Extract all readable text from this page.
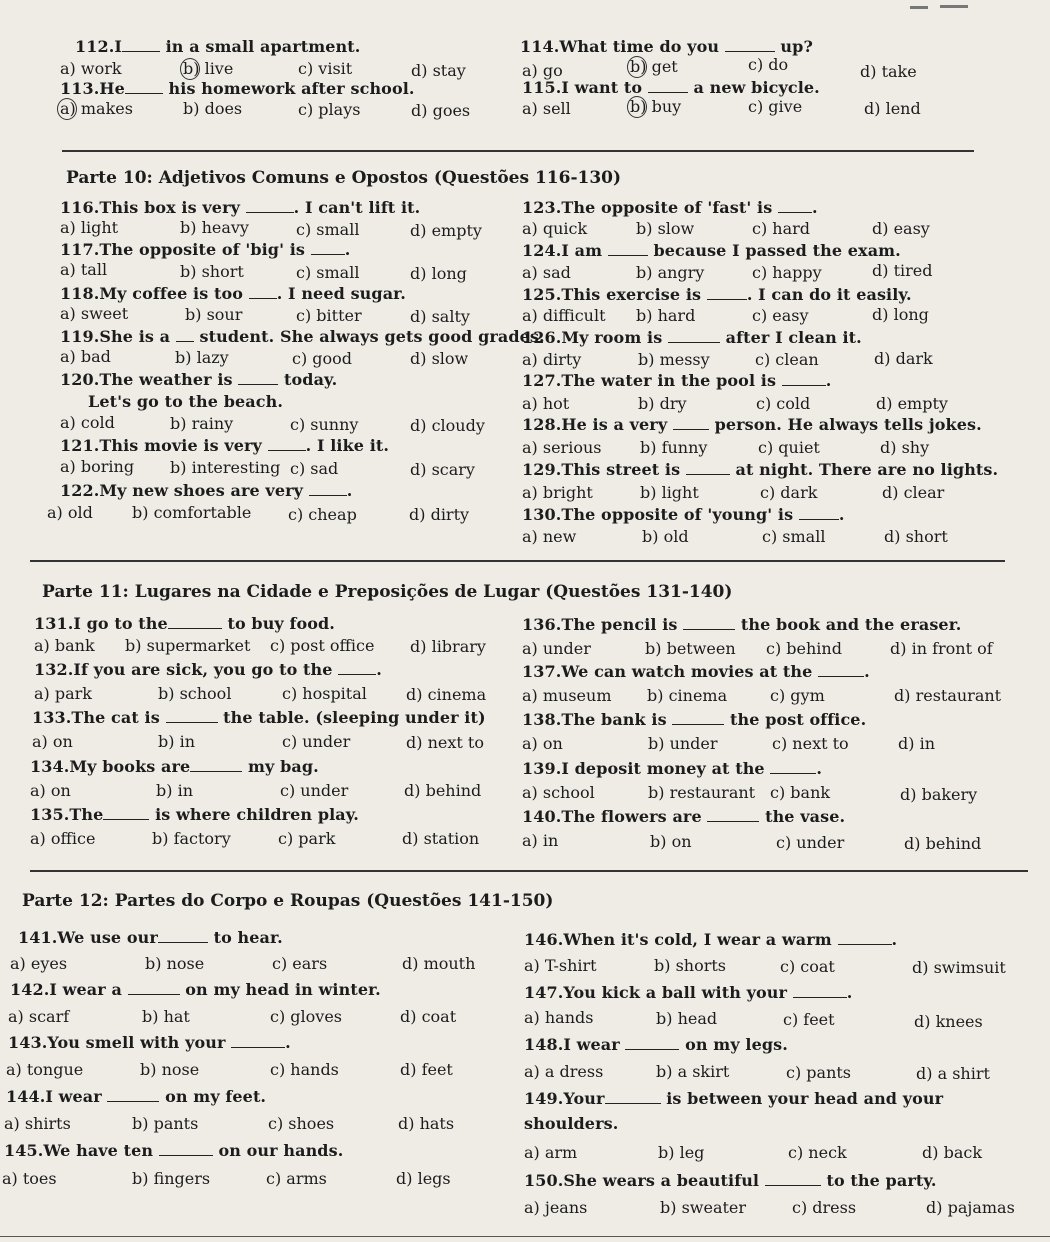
112.I	in a small apartment.
a) work	b) live	c) visit	d) stay
113.He	his homework after school.
a) makes	b) does	c) plays	d) goes
114.What time do you	up?
a) go	b) get	c) do	d) take
115.I want to	a new bicycle.
a) sell	b) buy	c) give	d) lend
Parte 10: Adjetivos Comuns e Opostos (Questões 116-130)
116.This box is very	. I can't lift it.
a) light	b) heavy	c) small	d) empty
117.The opposite of 'big' is .
a) tall	b) short	c) small	d) long
118.My coffee is too . I need sugar.
a) sweet	b) sour	c) bitter	d) salty
119.She is a student. She always gets good grades.
a) bad	b) lazy	c) good	d) slow
120.The weather is	today.
Let's go to the beach.
a) cold	b) rainy	c) sunny	d) cloudy
121.This movie is very	. I like it.
a) boring b) interesting c) sad	d) scary
122.My new shoes are very	.
a) old b) comfortable c) cheap	d) dirty
123.The opposite of 'fast' is .
a) quick	b) slow	c) hard	d) easy
124.I am	because I passed the exam.
a) sad	b) angry	c) happy	d) tired
125.This exercise is	. I can do it easily.
a) difficult b) hard	c) easy	d) long
126.My room is	after I clean it.
a) dirty	b) messy	c) clean	d) dark
127.The water in the pool is	.
a) hot	b) dry	c) cold	d) empty
128.He is a very	person. He always tells jokes.
a) serious b) funny	c) quiet	d) shy
129.This street is	at night. There are no lights.
a) bright	b) light	c) dark	d) clear
130.The opposite of 'young' is	.
a) new	b) old	c) small	d) short
Parte 11: Lugares na Cidade e Preposições de Lugar (Questões 131-140)
131.I go to the	to buy food.
a) bank b) supermarket c) post office d) library
132.If you are sick, you go to the	.
a) park	b) school	c) hospital d) cinema
133.The cat is	the table. (sleeping under it)
a) on	b) in	c) under	d) next to
134.My books are	my bag.
a) on	b) in	c) under	d) behind
135.The	is where children play.
a) office	b) factory	c) park	d) station
136.The pencil is	the book and the eraser.
a) under	b) between c) behind	d) in front of
137.We can watch movies at the	.
a) museum b) cinema	c) gym	d) restaurant
138.The bank is	the post office.
a) on	b) under	c) next to	d) in
139.I deposit money at the	.
a) school	b) restaurant c) bank	d) bakery
140.The flowers are	the vase.
a) in	b) on	c) under	d) behind
Parte 12: Partes do Corpo e Roupas (Questões 141-150)
141.We use our	to hear.
a) eyes	b) nose	c) ears	d) mouth
142.I wear a	on my head in winter.
a) scarf	b) hat	c) gloves	d) coat
143.You smell with your	.
a) tongue	b) nose	c) hands	d) feet
144.I wear	on my feet.
a) shirts	b) pants	c) shoes	d) hats
145.We have ten	on our hands.
a) toes	b) fingers	c) arms	d) legs
146.When it's cold, I wear a warm	.
a) T-shirt	b) shorts	c) coat	d) swimsuit
147.You kick a ball with your	.
a) hands	b) head	c) feet	d) knees
148.I wear	on my legs.
a) a dress	b) a skirt	c) pants	d) a shirt
149.Your	is between your head and your
shoulders.
a) arm	b) leg	c) neck	d) back
150.She wears a beautiful	to the party.
a) jeans	b) sweater	c) dress	d) pajamas
